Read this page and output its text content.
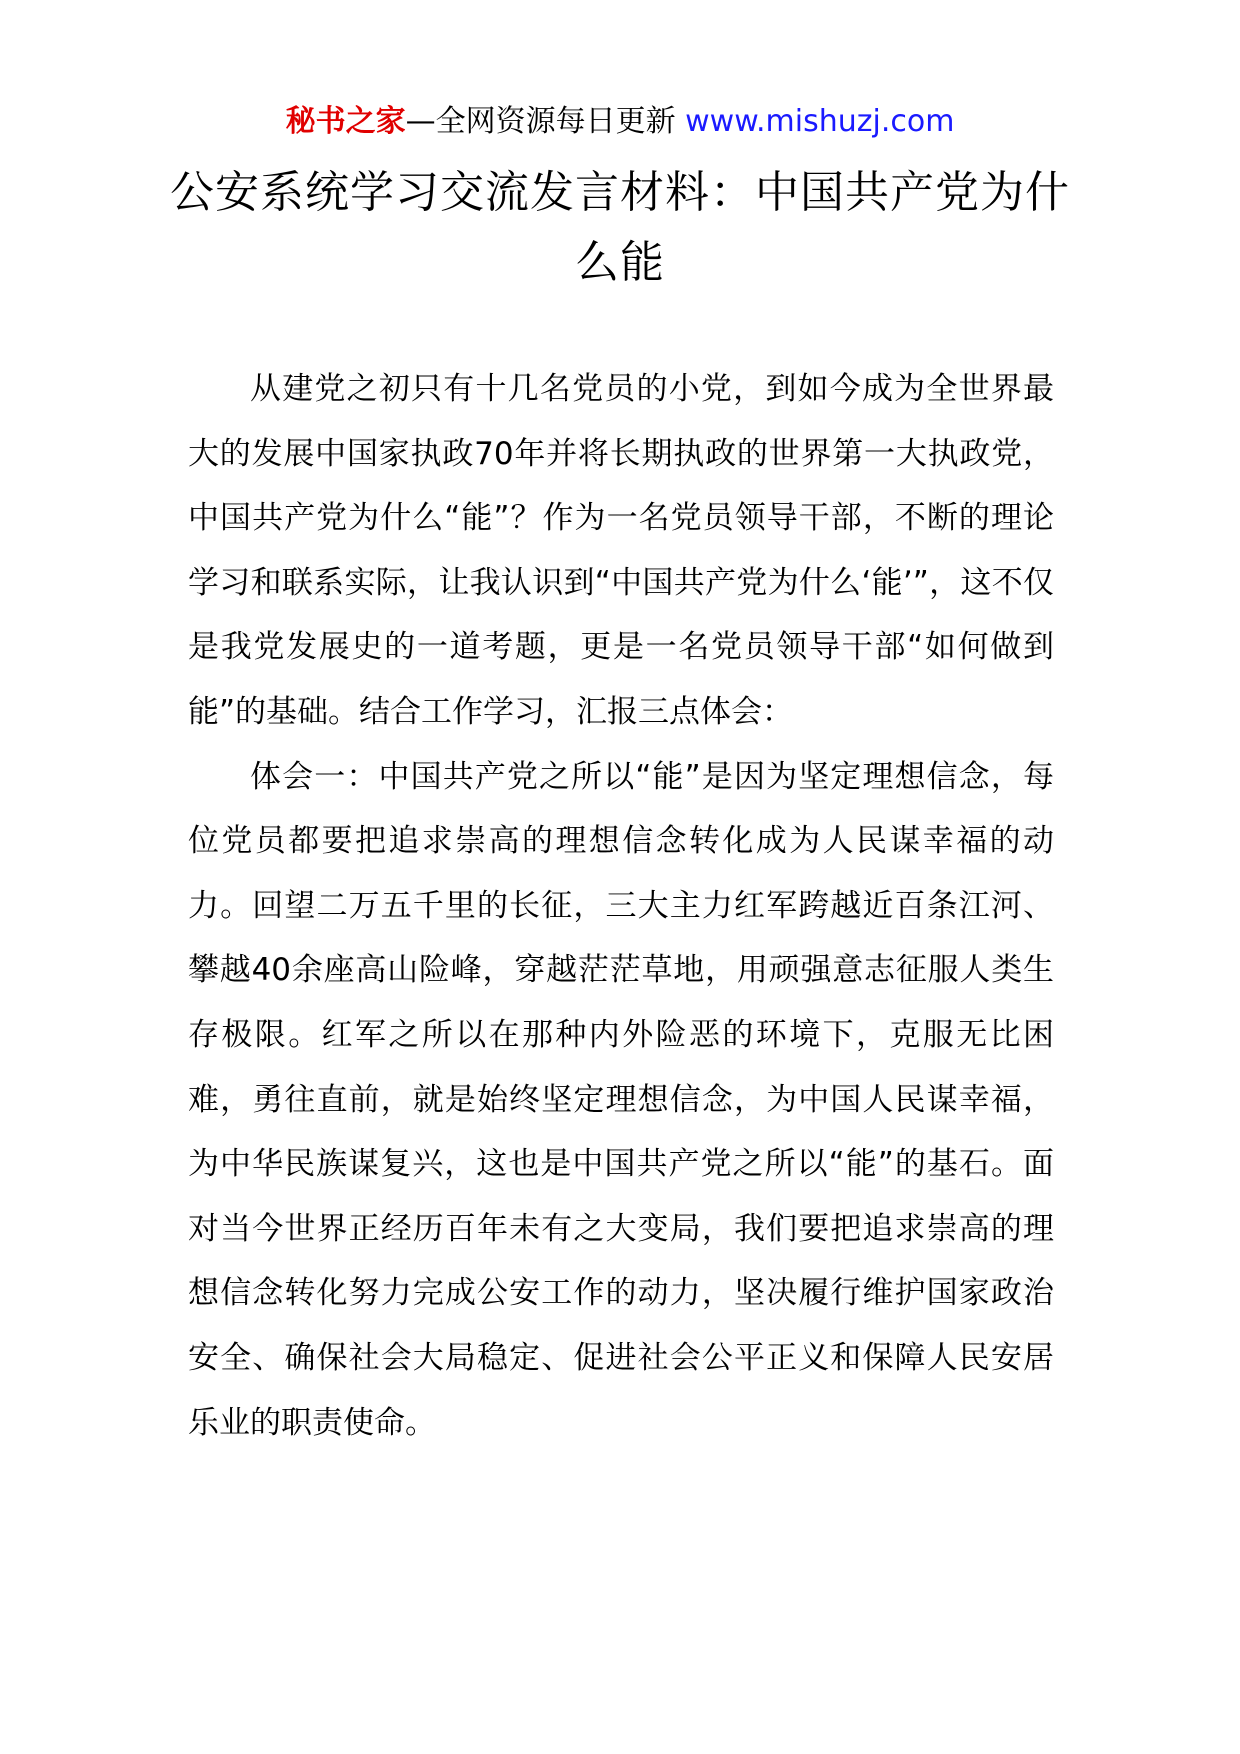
秘书之家—全网资源每日更新 www.mishuzj.com
公安系统学习交流发言材料：中国共产党为什么能

从建党之初只有十几名党员的小党，到如今成为全世界最大的发展中国家执政70年并将长期执政的世界第一大执政党，中国共产党为什么“能”？作为一名党员领导干部，不断的理论学习和联系实际，让我认识到“中国共产党为什么‘能’”，这不仅是我党发展史的一道考题，更是一名党员领导干部“如何做到能”的基础。结合工作学习，汇报三点体会：

体会一：中国共产党之所以“能”是因为坚定理想信念，每位党员都要把追求崇高的理想信念转化成为人民谋幸福的动力。回望二万五千里的长征，三大主力红军跨越近百条江河、攀越40余座高山险峰，穿越茫茫草地，用顽强意志征服人类生存极限。红军之所以在那种内外险恶的环境下，克服无比困难，勇往直前，就是始终坚定理想信念，为中国人民谋幸福，为中华民族谋复兴，这也是中国共产党之所以“能”的基石。面对当今世界正经历百年未有之大变局，我们要把追求崇高的理想信念转化努力完成公安工作的动力，坚决履行维护国家政治安全、确保社会大局稳定、促进社会公平正义和保障人民安居乐业的职责使命。
